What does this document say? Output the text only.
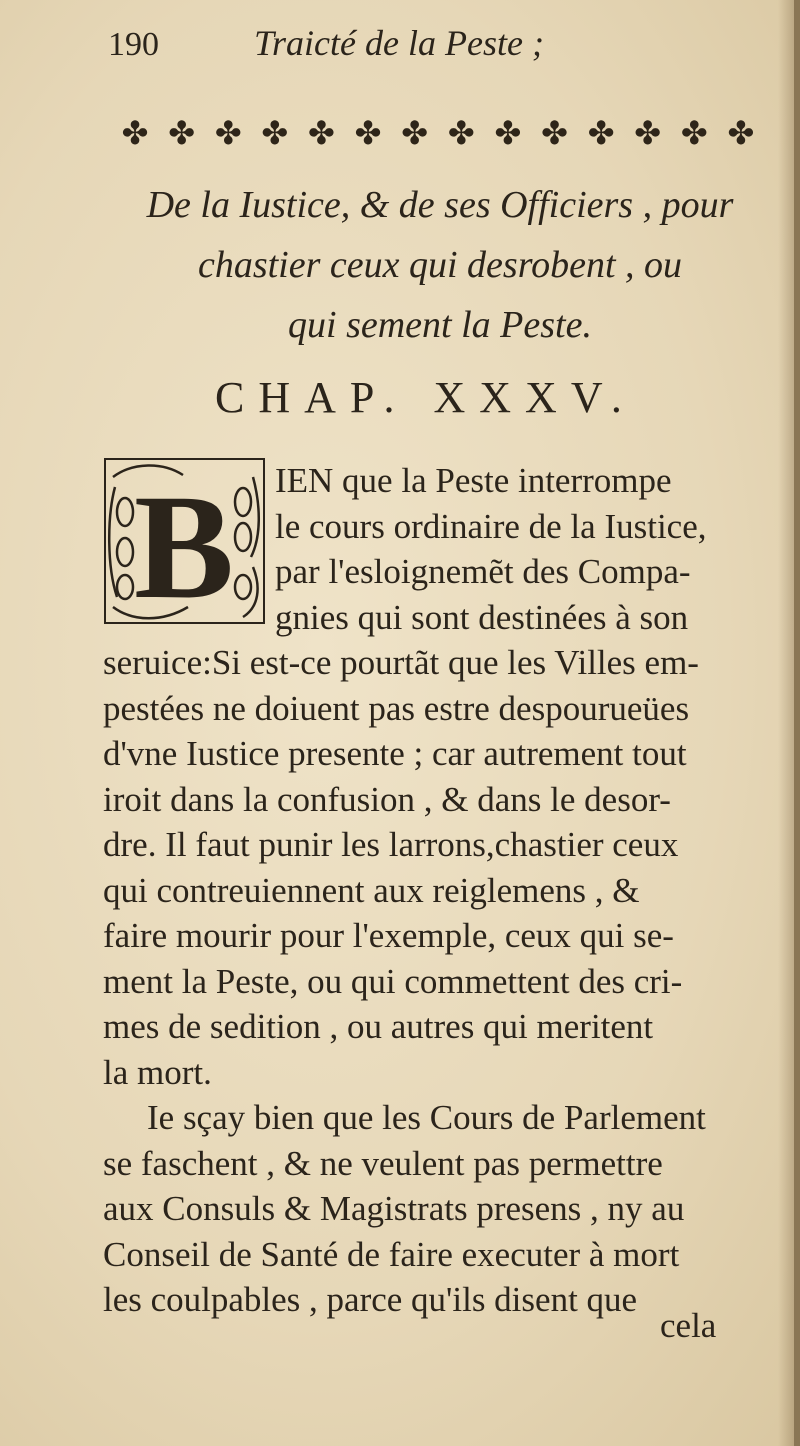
190	Traicté de la Peste ;
✤ ✤ ✤ ✤ ✤ ✤ ✤ ✤ ✤ ✤ ✤ ✤ ✤ ✤
De la Iustice, & de ses Officiers , pour
chastier ceux qui desrobent , ou
qui sement la Peste.
CHAP. XXXV.
B	IEN que la Peste interrompe
le cours ordinaire de la Iustice,
par l'esloignemẽt des Compa-
gnies qui sont destinées à son
seruice:Si est-ce pourtãt que les Villes em-
pestées ne doiuent pas estre despourueües
d'vne Iustice presente ; car autrement tout
iroit dans la confusion , & dans le desor-
dre. Il faut punir les larrons,chastier ceux
qui contreuiennent aux reiglemens , &
faire mourir pour l'exemple, ceux qui se-
ment la Peste, ou qui commettent des cri-
mes de sedition , ou autres qui meritent
la mort.
Ie sçay bien que les Cours de Parlement
se faschent , & ne veulent pas permettre
aux Consuls & Magistrats presens , ny au
Conseil de Santé de faire executer à mort
les coulpables , parce qu'ils disent que
cela
